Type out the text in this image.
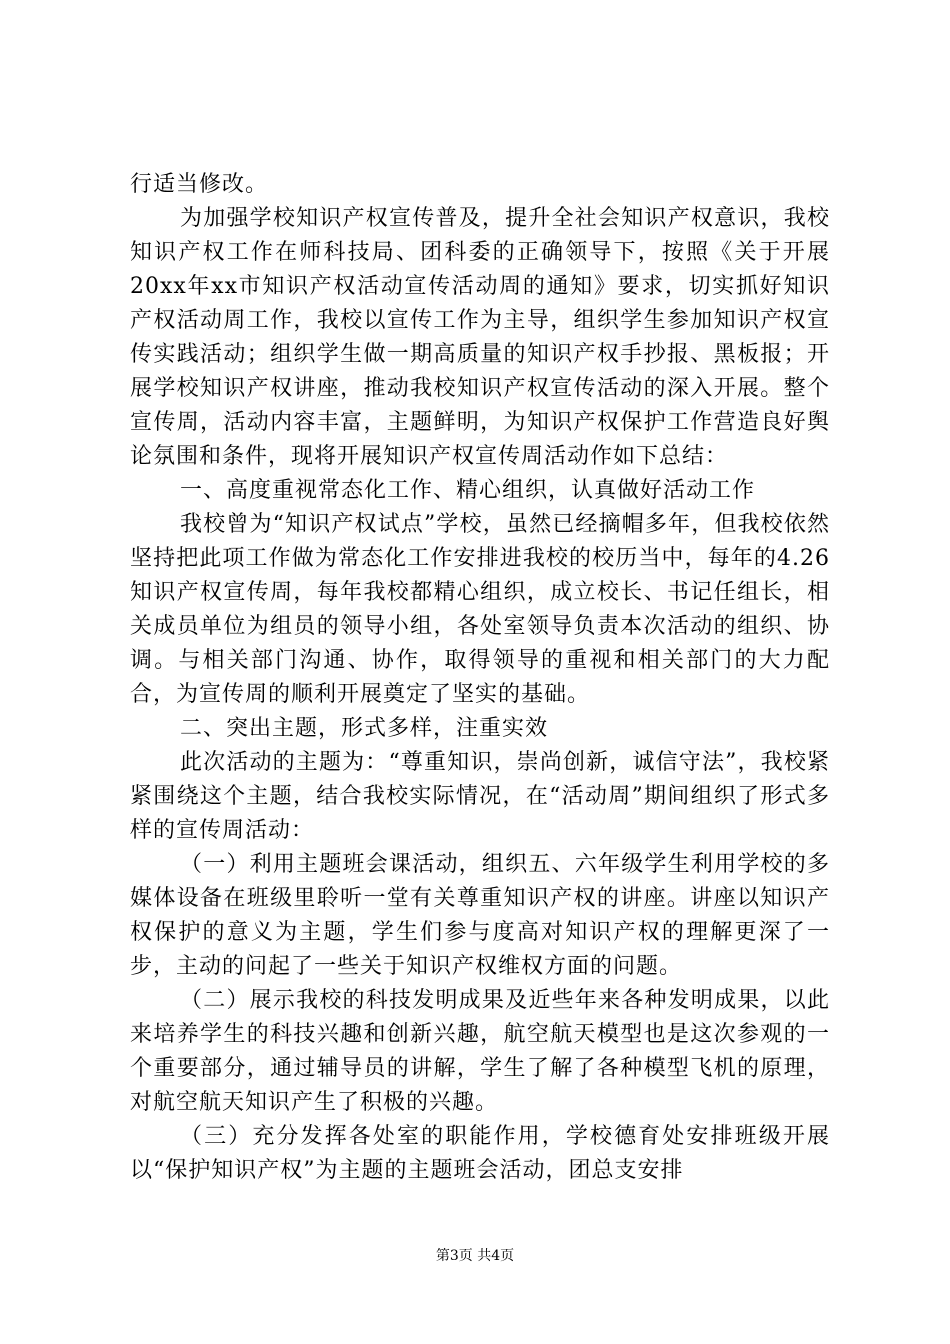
行适当修改。

为加强学校知识产权宣传普及，提升全社会知识产权意识，我校知识产权工作在师科技局、团科委的正确领导下，按照《关于开展20xx年xx市知识产权活动宣传活动周的通知》要求，切实抓好知识产权活动周工作，我校以宣传工作为主导，组织学生参加知识产权宣传实践活动；组织学生做一期高质量的知识产权手抄报、黑板报；开展学校知识产权讲座，推动我校知识产权宣传活动的深入开展。整个宣传周，活动内容丰富，主题鲜明，为知识产权保护工作营造良好舆论氛围和条件，现将开展知识产权宣传周活动作如下总结：

一、高度重视常态化工作、精心组织，认真做好活动工作

我校曾为“知识产权试点”学校，虽然已经摘帽多年，但我校依然坚持把此项工作做为常态化工作安排进我校的校历当中，每年的4.26知识产权宣传周，每年我校都精心组织，成立校长、书记任组长，相关成员单位为组员的领导小组，各处室领导负责本次活动的组织、协调。与相关部门沟通、协作，取得领导的重视和相关部门的大力配合，为宣传周的顺利开展奠定了坚实的基础。

二、突出主题，形式多样，注重实效

此次活动的主题为：“尊重知识，崇尚创新，诚信守法”，我校紧紧围绕这个主题，结合我校实际情况，在“活动周”期间组织了形式多样的宣传周活动：

（一）利用主题班会课活动，组织五、六年级学生利用学校的多媒体设备在班级里聆听一堂有关尊重知识产权的讲座。讲座以知识产权保护的意义为主题，学生们参与度高对知识产权的理解更深了一步，主动的问起了一些关于知识产权维权方面的问题。

（二）展示我校的科技发明成果及近些年来各种发明成果，以此来培养学生的科技兴趣和创新兴趣，航空航天模型也是这次参观的一个重要部分，通过辅导员的讲解，学生了解了各种模型飞机的原理，对航空航天知识产生了积极的兴趣。

（三）充分发挥各处室的职能作用，学校德育处安排班级开展以“保护知识产权”为主题的主题班会活动，团总支安排

第3页 共4页
